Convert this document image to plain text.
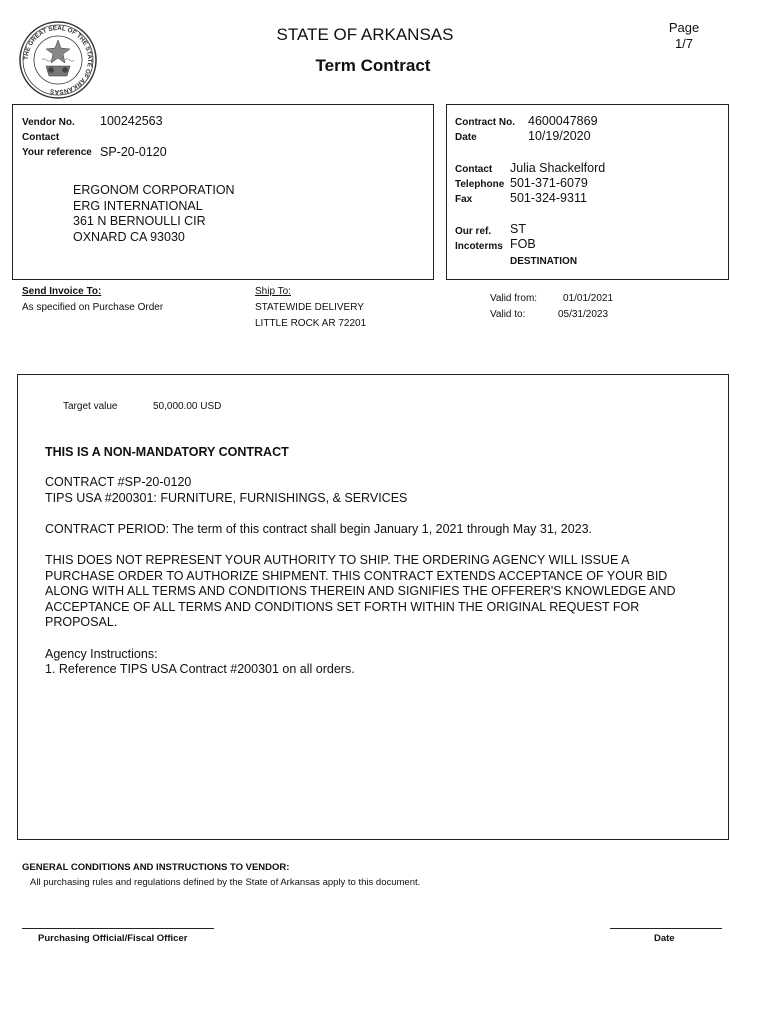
THE GREAT SEAL OF THE STATE OF ARKANSAS
STATE OF ARKANSAS
Term Contract
Page
1/7
Vendor No. 100242563
Contact
Your reference SP-20-0120
ERGONOM CORPORATION
ERG INTERNATIONAL
361 N BERNOULLI CIR
OXNARD CA 93030
Contract No. 4600047869
Date	10/19/2020
Contact Julia Shackelford
Telephone 501-371-6079
Fax	501-324-9311
Our ref. ST
Incoterms FOB
DESTINATION
Send Invoice To:
As specified on Purchase Order
Ship To:
STATEWIDE DELIVERY
LITTLE ROCK AR 72201
Valid from:	01/01/2021
Valid to:	05/31/2023
Target value	50,000.00 USD
THIS IS A NON-MANDATORY CONTRACT
CONTRACT #SP-20-0120
TIPS USA #200301: FURNITURE, FURNISHINGS, & SERVICES
CONTRACT PERIOD: The term of this contract shall begin January 1, 2021 through May 31, 2023.
THIS DOES NOT REPRESENT YOUR AUTHORITY TO SHIP. THE ORDERING AGENCY WILL ISSUE A
PURCHASE ORDER TO AUTHORIZE SHIPMENT. THIS CONTRACT EXTENDS ACCEPTANCE OF YOUR BID
ALONG WITH ALL TERMS AND CONDITIONS THEREIN AND SIGNIFIES THE OFFERER'S KNOWLEDGE AND
ACCEPTANCE OF ALL TERMS AND CONDITIONS SET FORTH WITHIN THE ORIGINAL REQUEST FOR
PROPOSAL.
Agency Instructions:
1. Reference TIPS USA Contract #200301 on all orders.
GENERAL CONDITIONS AND INSTRUCTIONS TO VENDOR:
All purchasing rules and regulations defined by the State of Arkansas apply to this document.
Purchasing Official/Fiscal Officer	Date
